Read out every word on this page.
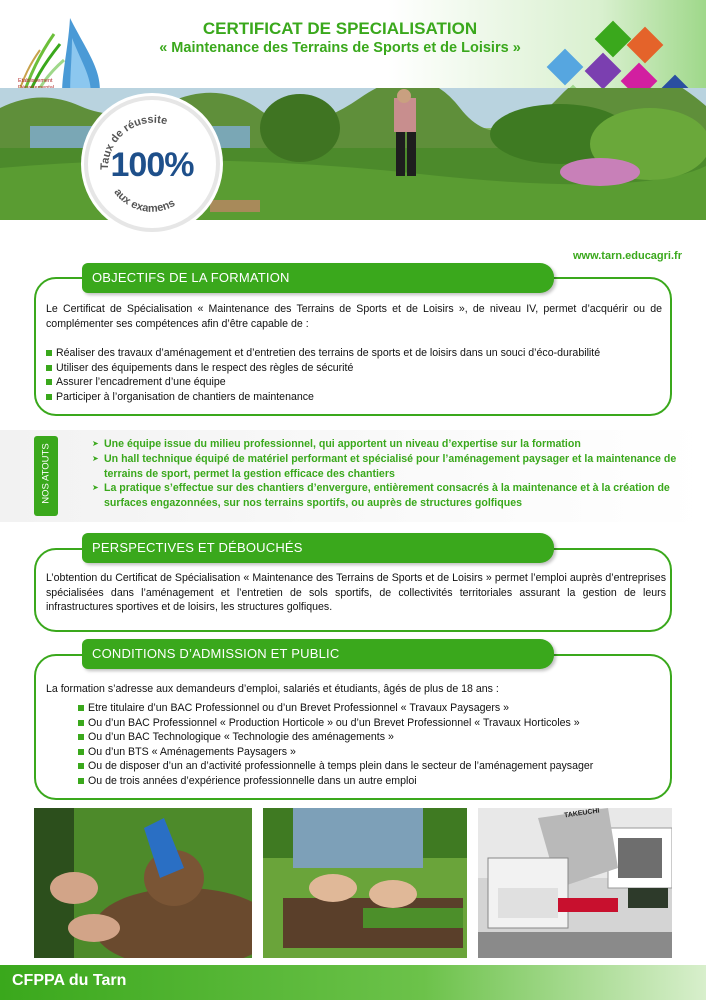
Etablissement
CERTIFICAT DE SPECIALISATION
« Maintenance des Terrains de Sports et de Loisirs »
Taux de réussite
aux examens
100%
www.tarn.educagri.fr
OBJECTIFS DE LA FORMATION
Le Certificat de Spécialisation « Maintenance des Terrains de Sports et de Loisirs », de niveau IV, permet d’acquérir ou de complémenter ses compétences afin d’être capable de :
Réaliser des travaux d’aménagement et d’entretien des terrains de sports et de loisirs dans un souci d’éco-durabilité
Utiliser des équipements dans le respect des règles de sécurité
Assurer l’encadrement d’une équipe
Participer à l’organisation de chantiers de maintenance
NOS ATOUTS
➤	Une équipe issue du milieu professionnel, qui apportent un niveau d’expertise sur la formation
➤ Un hall technique équipé de matériel performant et spécialisé pour l’aménagement paysager et la maintenance de terrains de sport, permet la gestion efficace des chantiers
➤ La pratique s’effectue sur des chantiers d’envergure, entièrement consacrés à la maintenance et à la création de surfaces engazonnées, sur nos terrains sportifs, ou auprès de structures golfiques
PERSPECTIVES ET DÉBOUCHÉS
L’obtention du Certificat de Spécialisation « Maintenance des Terrains de Sports et de Loisirs » permet l’emploi auprès d’entreprises spécialisées dans l’aménagement et l’entretien de sols sportifs, de collectivités territoriales assurant la gestion de leurs infrastructures sportives et de loisirs, les structures golfiques.
CONDITIONS D’ADMISSION ET PUBLIC
La formation s’adresse aux demandeurs d’emploi, salariés et étudiants, âgés de plus de 18 ans :
Etre titulaire d’un BAC Professionnel ou d’un Brevet Professionnel « Travaux Paysagers »
Ou d’un BAC Professionnel « Production Horticole » ou d’un Brevet Professionnel « Travaux Horticoles »
Ou d’un BAC Technologique « Technologie des aménagements »
Ou d’un BTS « Aménagements Paysagers »
Ou de disposer d’un an d’activité professionnelle à temps plein dans le secteur de l’aménagement paysager
Ou de trois années d’expérience professionnelle dans un autre emploi
TAKEUCHI
CFPPA du Tarn
